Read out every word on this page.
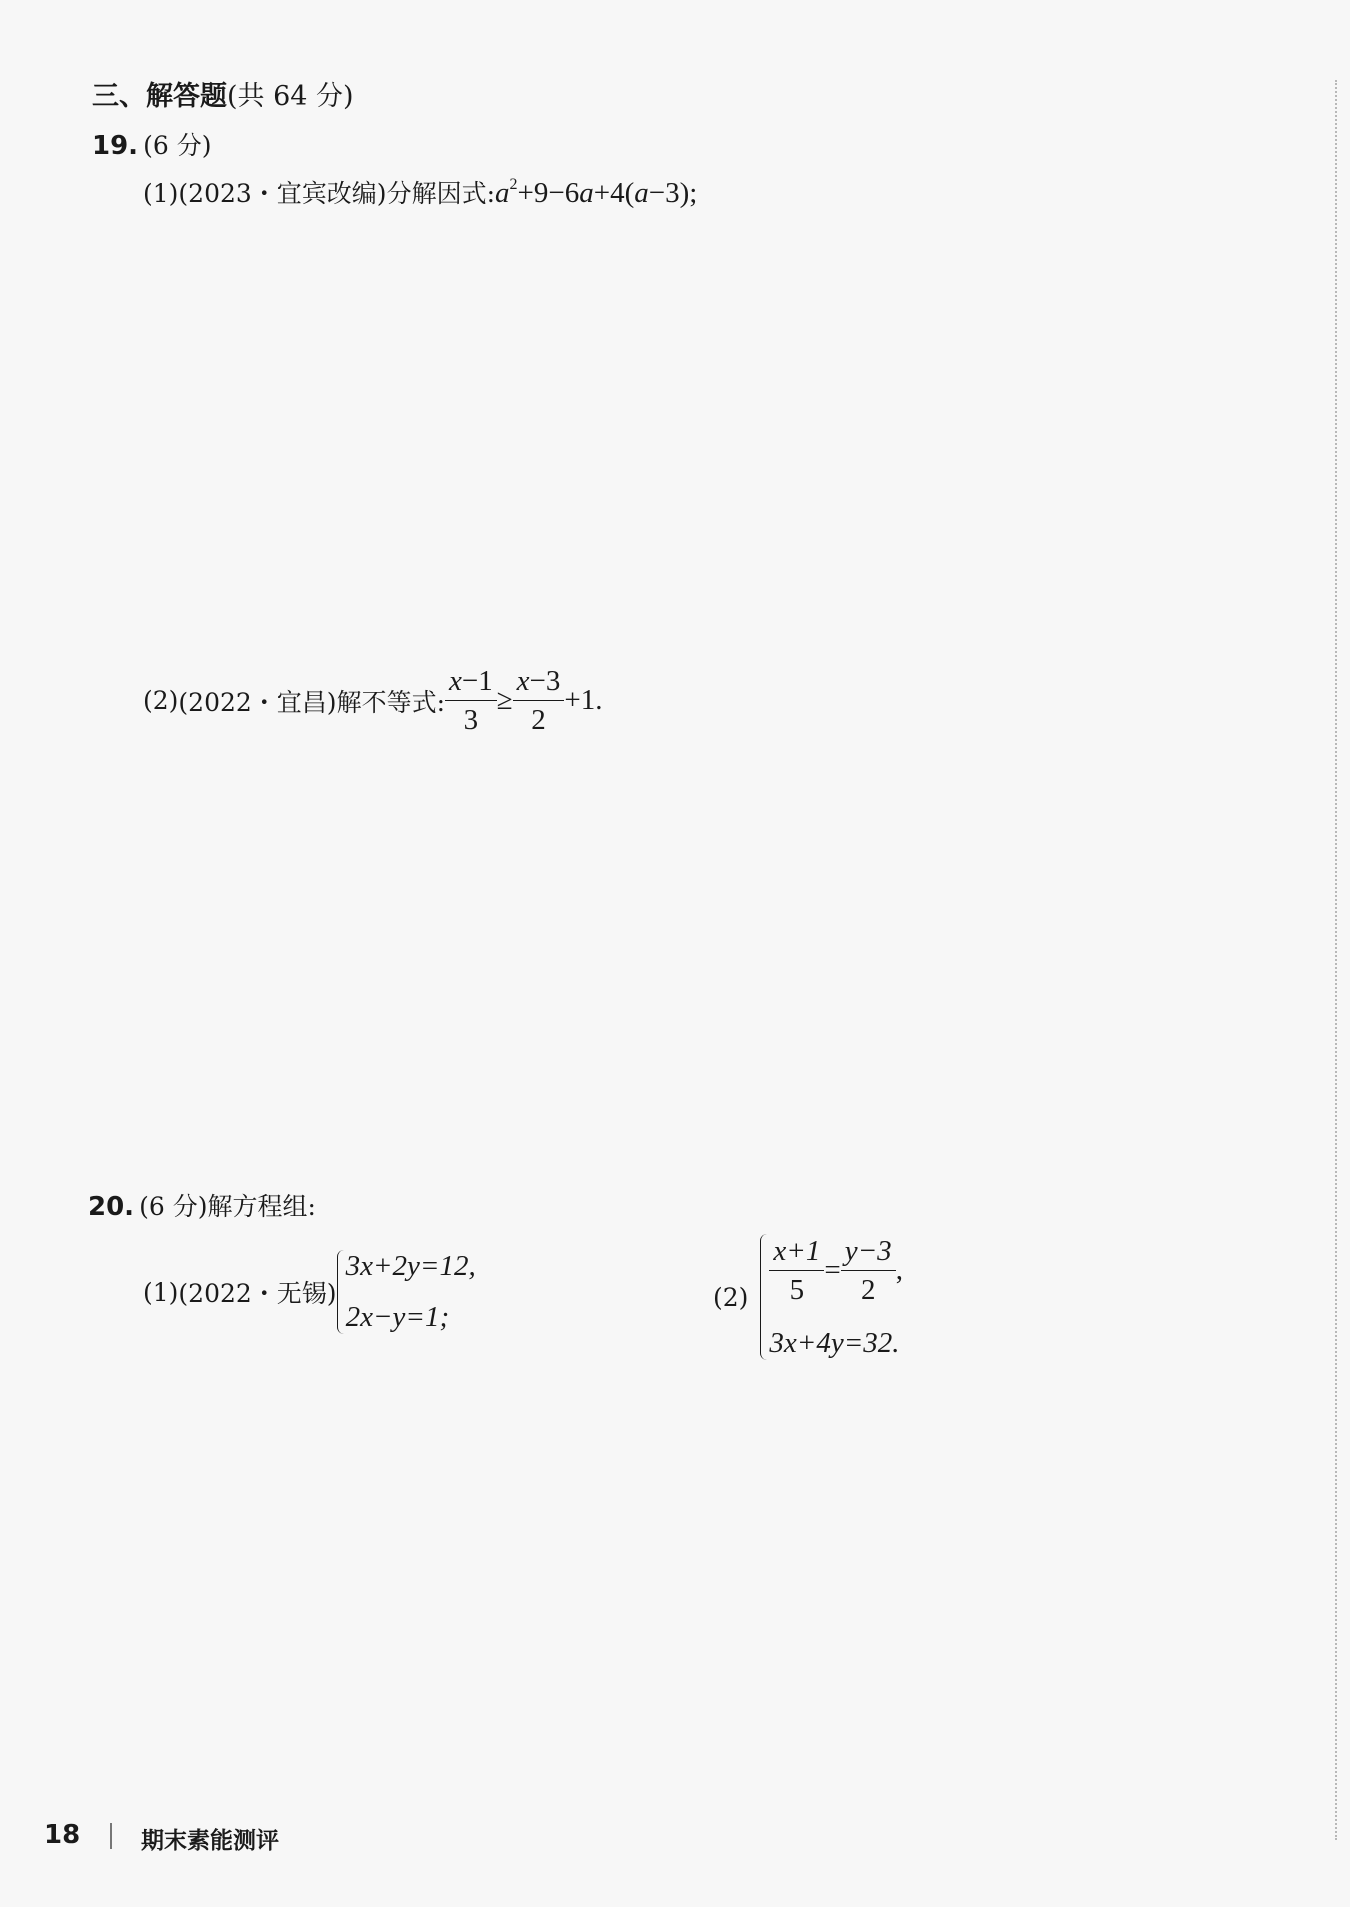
三、解答题(共 64 分)
19. (6 分)
(1)(2023・宜宾改编)分解因式$:a^2+9-6a+4(a-3)$;
(2) (2022・宜昌) 解不等式: $\frac{x-1}{3} \ge \frac{x-3}{2} +1$.
20. (6 分)解方程组:
(1) (2022・无锡)
3x+2y=12,
2x−y=1;
$(2) \frac{x+1}{5} = \frac{y-3}{2}$ ,
3x+4y=32.
18	期末素能测评
